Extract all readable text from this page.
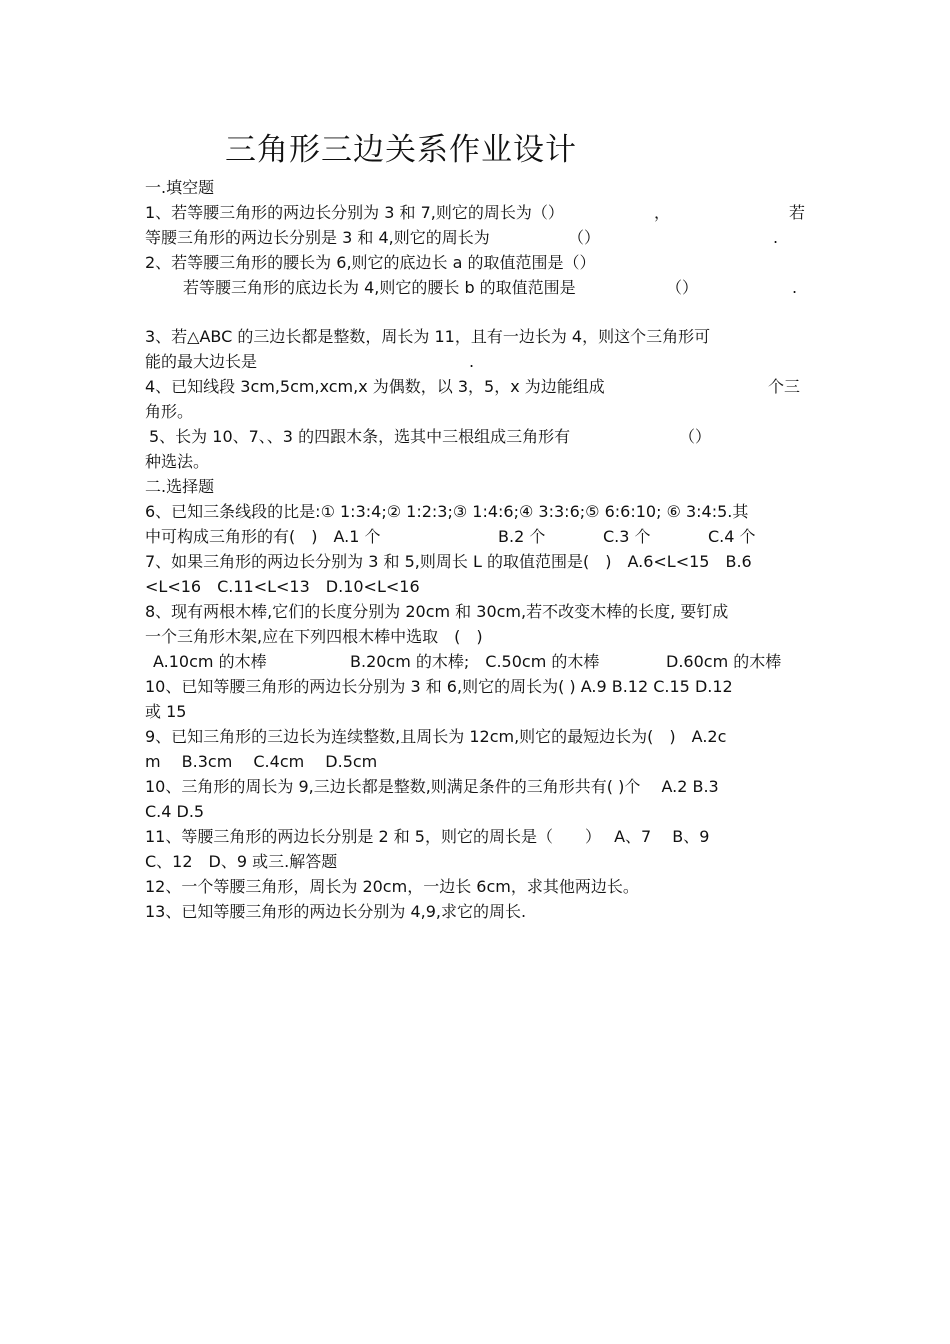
三角形三边关系作业设计
一.填空题
1、若等腰三角形的两边长分别为 3 和 7,则它的周长为（）	，	若
等腰三角形的两边长分别是 3 和 4,则它的周长为	（）	.
2、若等腰三角形的腰长为 6,则它的底边长 a 的取值范围是（）
若等腰三角形的底边长为 4,则它的腰长 b 的取值范围是	（）	.
3、若△ABC 的三边长都是整数，周长为 11，且有一边长为 4，则这个三角形可
能的最大边长是	.
4、已知线段 3cm,5cm,xcm,x 为偶数，以 3，5，x 为边能组成	个三
角形。
5、长为 10、7、、3 的四跟木条，选其中三根组成三角形有	（）
种选法。
二.选择题
6、已知三条线段的比是:① 1:3:4;② 1:2:3;③ 1:4:6;④ 3:3:6;⑤ 6:6:10; ⑥ 3:4:5.其
中可构成三角形的有(　)　A.1 个	B.2 个	C.3 个	C.4 个
7、如果三角形的两边长分别为 3 和 5,则周长 L 的取值范围是(　)　A.6<L<15　B.6
<L<16　C.11<L<13　D.10<L<16
8、现有两根木棒,它们的长度分别为 20cm 和 30cm,若不改变木棒的长度, 要钉成
一个三角形木架,应在下列四根木棒中选取　(　)
A.10cm 的木棒	B.20cm 的木棒;　C.50cm 的木棒	D.60cm 的木棒
10、已知等腰三角形的两边长分别为 3 和 6,则它的周长为( ) A.9 B.12 C.15 D.12
或 15
9、已知三角形的三边长为连续整数,且周长为 12cm,则它的最短边长为(　)　A.2c
m　 B.3cm　 C.4cm　 D.5cm
10、三角形的周长为 9,三边长都是整数,则满足条件的三角形共有( )个　 A.2 B.3
C.4 D.5
11、等腰三角形的两边长分别是 2 和 5，则它的周长是（　　）　 A、7　 B、9
C、12　D、9 或三.解答题
12、一个等腰三角形，周长为 20cm，一边长 6cm，求其他两边长。
13、已知等腰三角形的两边长分别为 4,9,求它的周长.
